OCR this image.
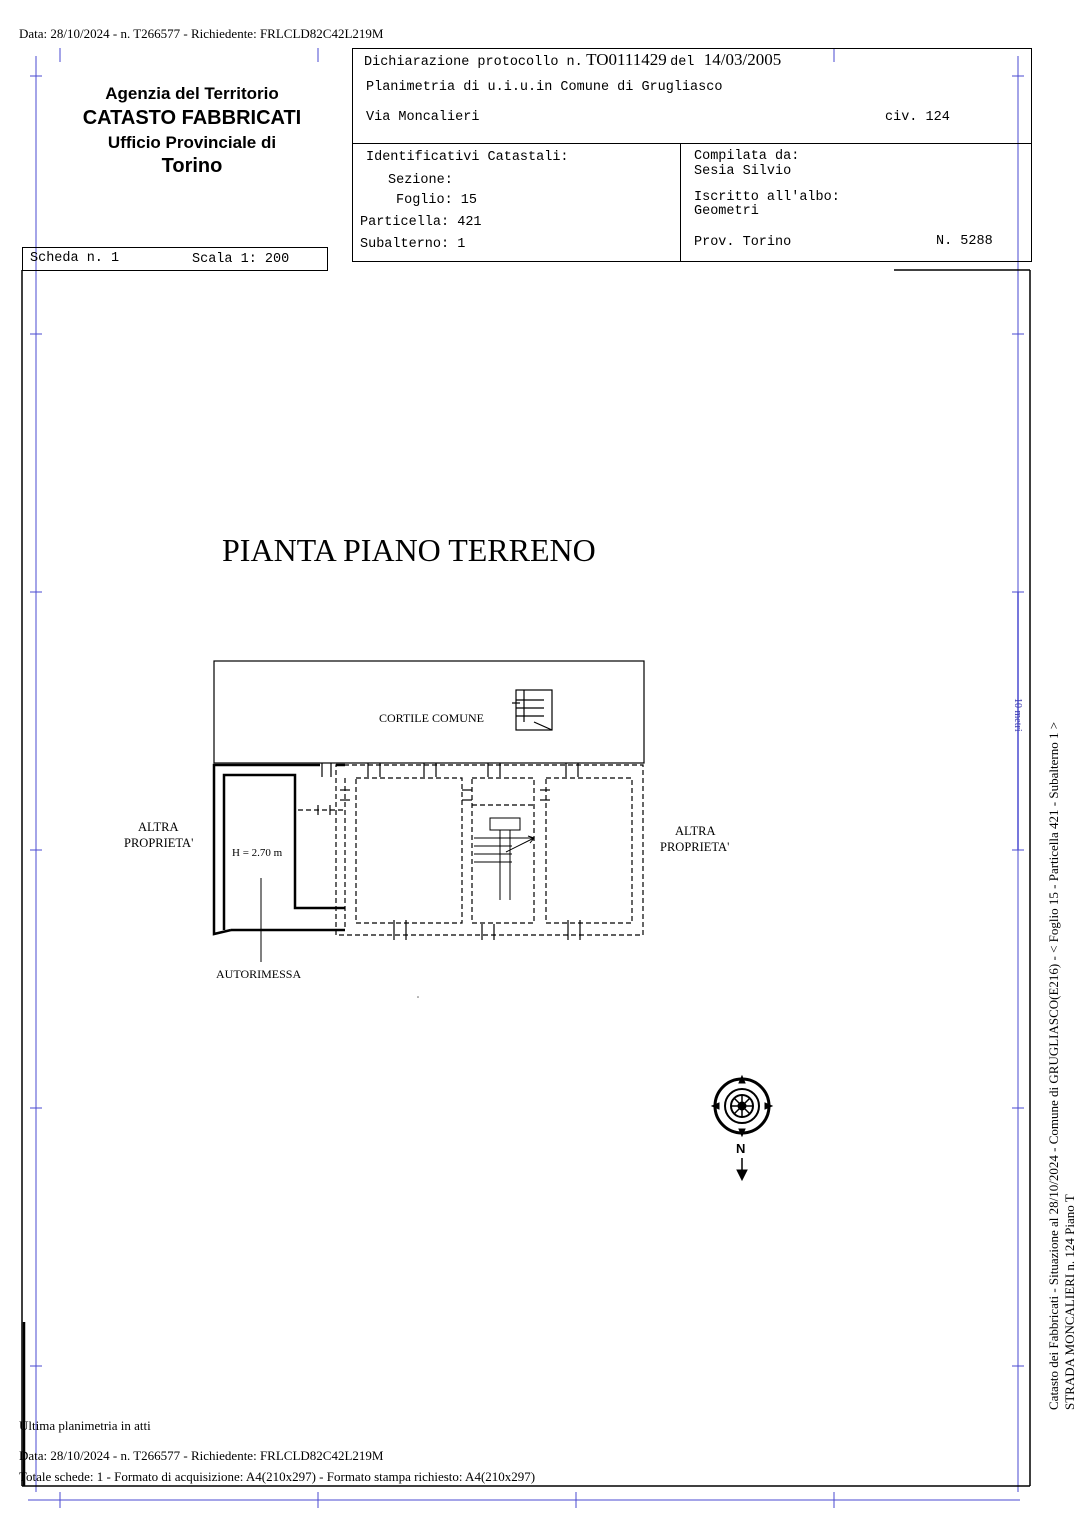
Data: 28/10/2024 - n. T266577 - Richiedente: FRLCLD82C42L219M
Agenzia del Territorio
CATASTO FABBRICATI
Ufficio Provinciale di
Torino
Dichiarazione protocollo n. TO0111429 del 14/03/2005
Planimetria di u.i.u.in Comune di Grugliasco
Via Moncalieri	civ. 124
Identificativi Catastali:
Sezione:
Foglio: 15
Particella: 421
Subalterno: 1
Compilata da:
Sesia Silvio
Iscritto all'albo:
Geometri
Prov. Torino	N. 5288
Scheda n. 1	Scala 1: 200
PIANTA PIANO TERRENO
CORTILE COMUNE
ALTRA
PROPRIETA'
ALTRA
PROPRIETA'
H = 2.70 m
AUTORIMESSA
N	Catasto dei Fabbricati - Situazione al 28/10/2024 - Comune di GRUGLIASCO(E216) - < Foglio 15 - Particella 421 - Subalterno 1 > STRADA MONCALIERI n. 124 Piano T
10 metri
Ultima planimetria in atti
Data: 28/10/2024 - n. T266577 - Richiedente: FRLCLD82C42L219M
Totale schede: 1 - Formato di acquisizione: A4(210x297) - Formato stampa richiesto: A4(210x297)
